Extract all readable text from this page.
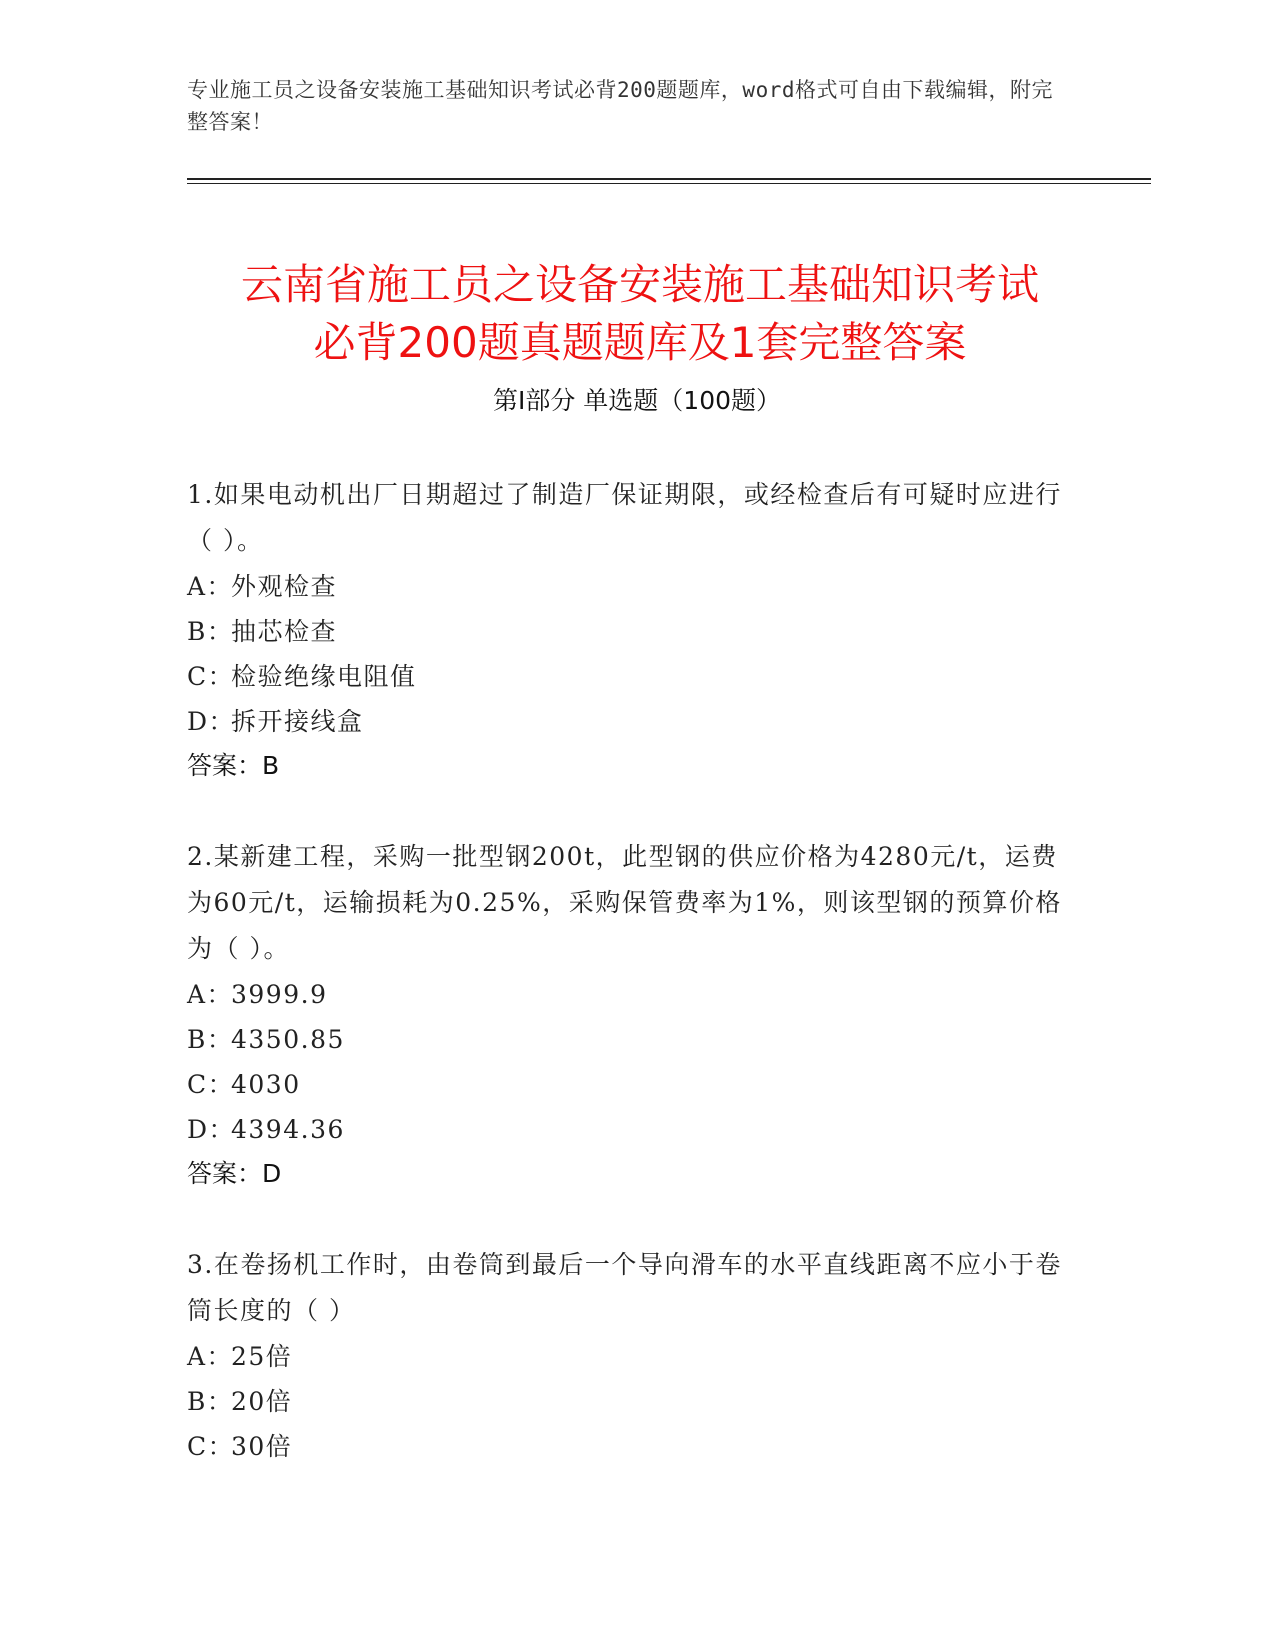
专业施工员之设备安装施工基础知识考试必背200题题库，word格式可自由下载编辑，附完整答案！
云南省施工员之设备安装施工基础知识考试
必背200题真题题库及1套完整答案
第Ⅰ部分 单选题（100题）
1.如果电动机出厂日期超过了制造厂保证期限，或经检查后有可疑时应进行（ ）。
A：外观检查
B：抽芯检查
C：检验绝缘电阻值
D：拆开接线盒
答案：B
2.某新建工程，采购一批型钢200t，此型钢的供应价格为4280元/t，运费为60元/t，运输损耗为0.25%，采购保管费率为1%，则该型钢的预算价格为（ ）。
A：3999.9
B：4350.85
C：4030
D：4394.36
答案：D
3.在卷扬机工作时，由卷筒到最后一个导向滑车的水平直线距离不应小于卷筒长度的（ ）
A：25倍
B：20倍
C：30倍
